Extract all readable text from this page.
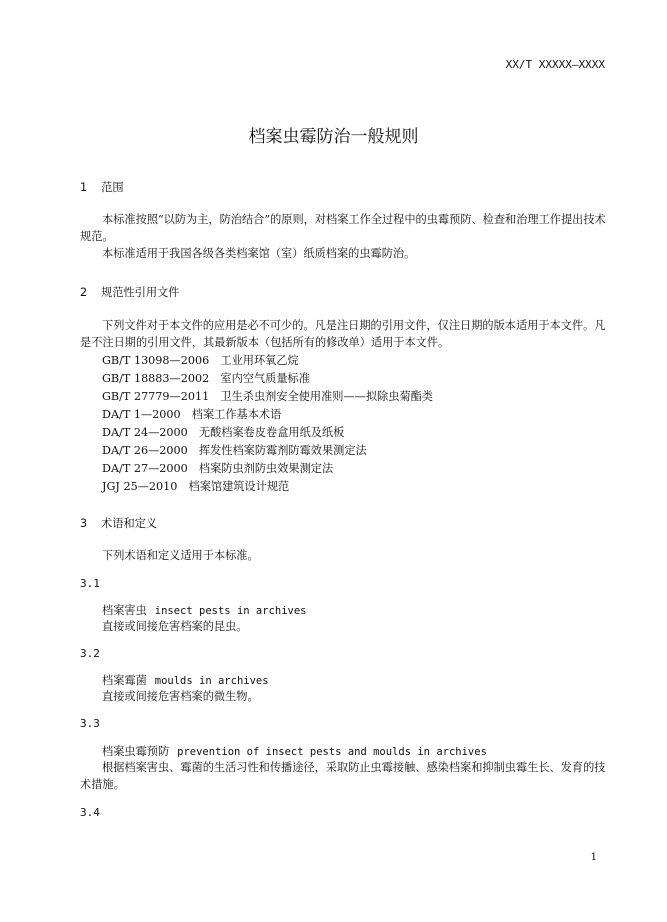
XX/T XXXXX—XXXX
档案虫霉防治一般规则
1 范围
本标准按照“以防为主，防治结合”的原则，对档案工作全过程中的虫霉预防、检查和治理工作提出技术规范。
本标准适用于我国各级各类档案馆（室）纸质档案的虫霉防治。
2 规范性引用文件
下列文件对于本文件的应用是必不可少的。凡是注日期的引用文件，仅注日期的版本适用于本文件。凡是不注日期的引用文件，其最新版本（包括所有的修改单）适用于本文件。
GB/T 13098—2006　工业用环氧乙烷
GB/T 18883—2002　室内空气质量标准
GB/T 27779—2011　卫生杀虫剂安全使用准则——拟除虫菊酯类
DA/T 1—2000　档案工作基本术语
DA/T 24—2000　无酸档案卷皮卷盒用纸及纸板
DA/T 26—2000　挥发性档案防霉剂防霉效果测定法
DA/T 27—2000　档案防虫剂防虫效果测定法
JGJ 25—2010　档案馆建筑设计规范
3 术语和定义
下列术语和定义适用于本标准。
3.1
档案害虫 insect pests in archives
直接或间接危害档案的昆虫。
3.2
档案霉菌 moulds in archives
直接或间接危害档案的微生物。
3.3
档案虫霉预防 prevention of insect pests and moulds in archives
根据档案害虫、霉菌的生活习性和传播途径，采取防止虫霉接触、感染档案和抑制虫霉生长、发育的技术措施。
3.4
1
